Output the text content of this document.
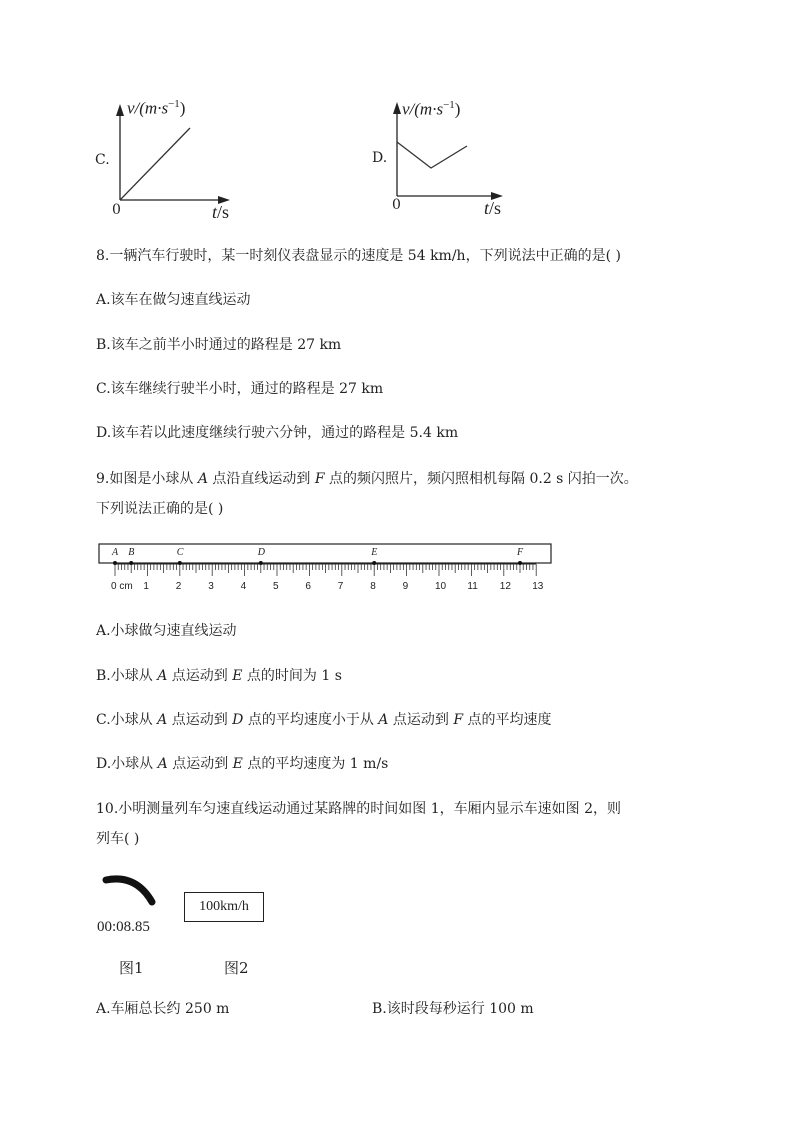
C.
$v/(m\cdot s^{-1})$
0	t/s
D.
$v/(m\cdot s^{-1})$
0	t/s
8.一辆汽车行驶时，某一时刻仪表盘显示的速度是 54 km/h，下列说法中正确的是( )
A.该车在做匀速直线运动
B.该车之前半小时通过的路程是 27 km
C.该车继续行驶半小时，通过的路程是 27 km
D.该车若以此速度继续行驶六分钟，通过的路程是 5.4 km
9.如图是小球从 A 点沿直线运动到 F 点的频闪照片，频闪照相机每隔 0.2 s 闪拍一次。
下列说法正确的是( )
A B	C	D	E	F
0 cm 1	2	3	4	5	6	7	8	9	10 11 12 13
A.小球做匀速直线运动
B.小球从 A 点运动到 E 点的时间为 1 s
C.小球从 A 点运动到 D 点的平均速度小于从 A 点运动到 F 点的平均速度
D.小球从 A 点运动到 E 点的平均速度为 1 m/s
10.小明测量列车匀速直线运动通过某路牌的时间如图 1，车厢内显示车速如图 2，则
列车( )
00:08.85
100km/h
图1	图2
A.车厢总长约 250 m	B.该时段每秒运行 100 m
